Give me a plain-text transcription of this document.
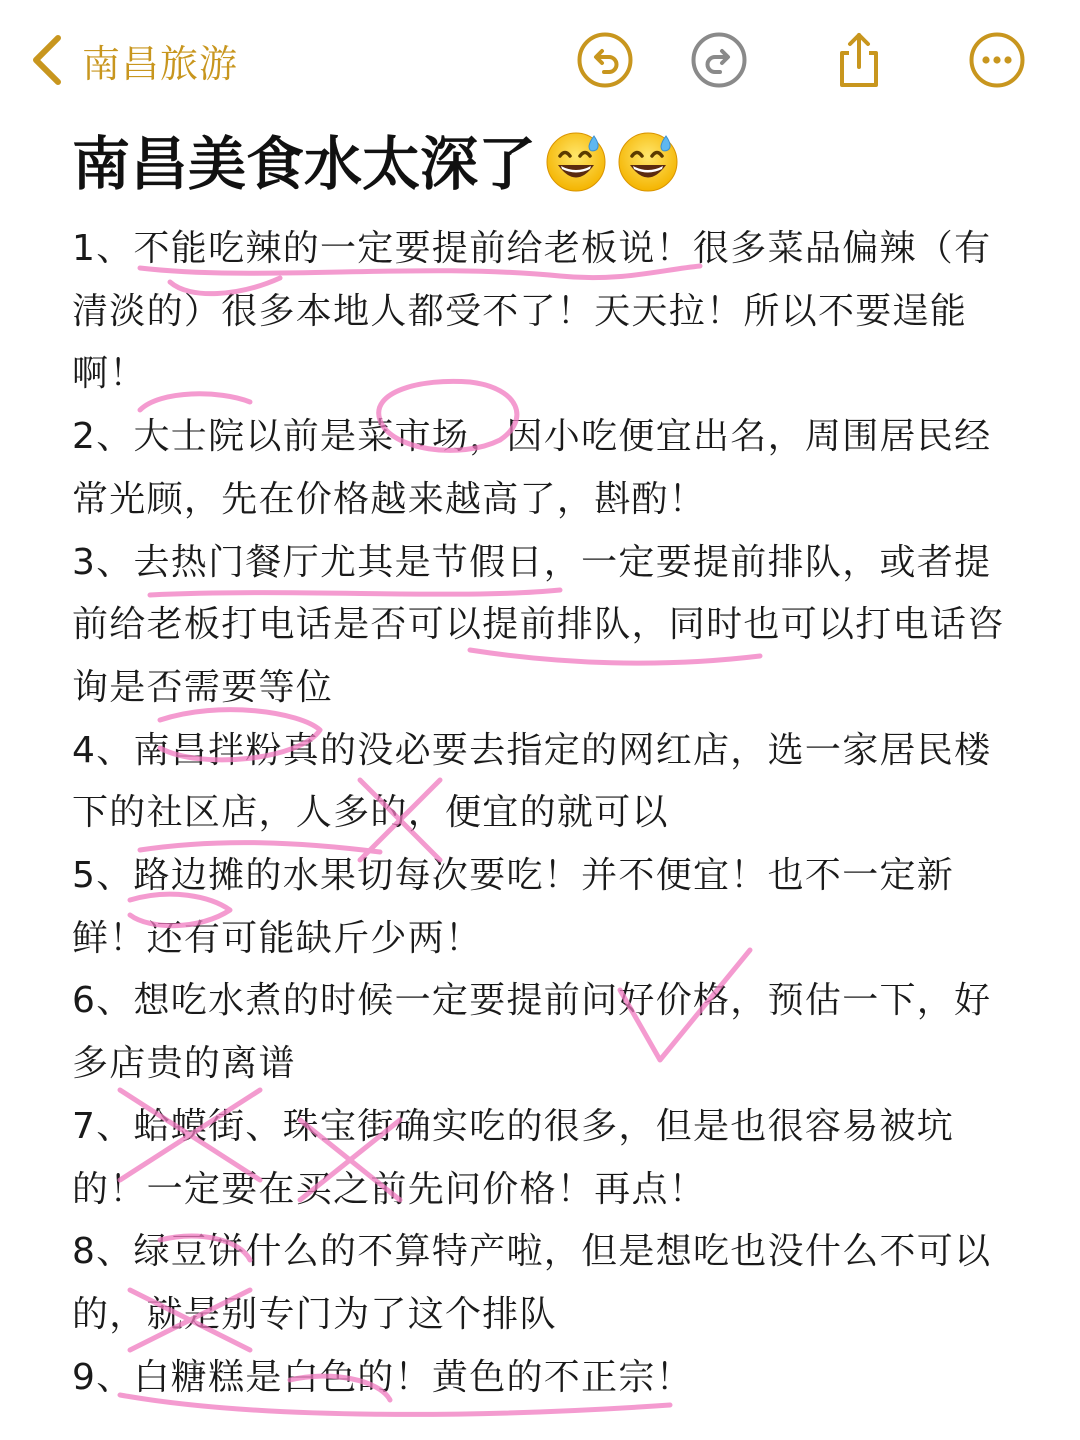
南昌旅游
南昌美食水太深了

1、不能吃辣的一定要提前给老板说！很多菜品偏辣（有清淡的）很多本地人都受不了！天天拉！所以不要逞能啊！

2、大士院以前是菜市场，因小吃便宜出名，周围居民经常光顾，先在价格越来越高了，斟酌！

3、去热门餐厅尤其是节假日，一定要提前排队，或者提前给老板打电话是否可以提前排队，同时也可以打电话咨询是否需要等位

4、南昌拌粉真的没必要去指定的网红店，选一家居民楼下的社区店，人多的，便宜的就可以

5、路边摊的水果切每次要吃！并不便宜！也不一定新鲜！还有可能缺斤少两！

6、想吃水煮的时候一定要提前问好价格，预估一下，好多店贵的离谱

7、蛤蟆街、珠宝街确实吃的很多，但是也很容易被坑的！一定要在买之前先问价格！再点！

8、绿豆饼什么的不算特产啦，但是想吃也没什么不可以的，就是别专门为了这个排队

9、白糖糕是白色的！黄色的不正宗！
